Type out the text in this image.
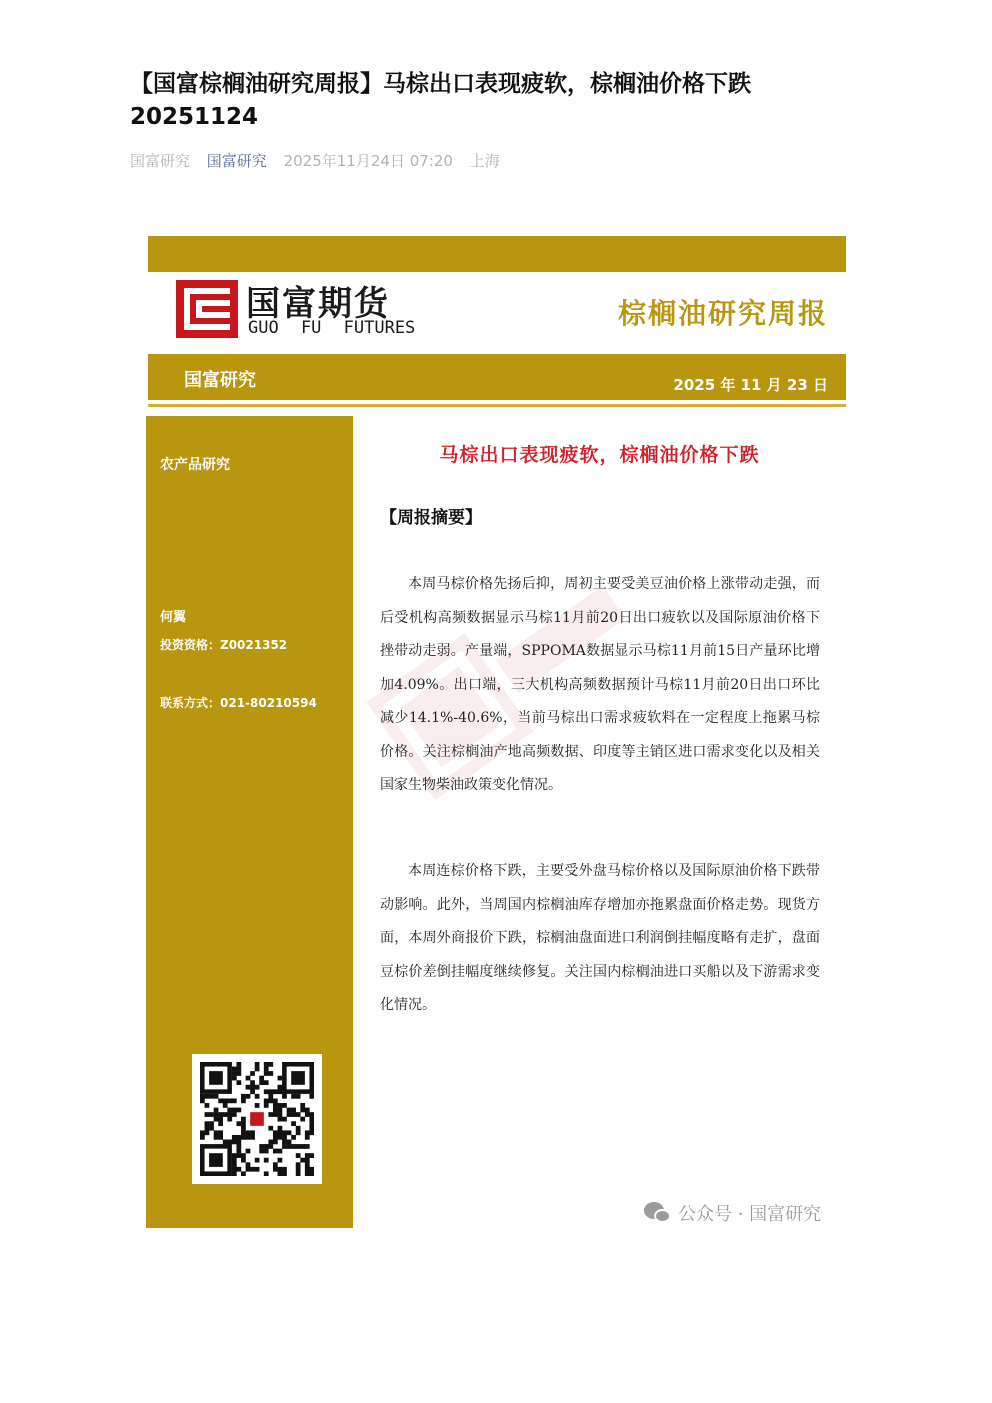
【国富棕榈油研究周报】马棕出口表现疲软，棕榈油价格下跌20251124
国富研究 国富研究 2025年11月24日 07:20 上海
国富期货
GUO FU FUTURES	棕榈油研究周报
国富研究	2025 年 11 月 23 日
农产品研究
何翼
投资资格：Z0021352
联系方式：021-80210594
马棕出口表现疲软，棕榈油价格下跌
【周报摘要】
本周马棕价格先扬后抑，周初主要受美豆油价格上涨带动走强，而后受机构高频数据显示马棕11月前20日出口疲软以及国际原油价格下挫带动走弱。产量端，SPPOMA数据显示马棕11月前15日产量环比增加4.09%。出口端，三大机构高频数据预计马棕11月前20日出口环比减少14.1%-40.6%，当前马棕出口需求疲软料在一定程度上拖累马棕价格。关注棕榈油产地高频数据、印度等主销区进口需求变化以及相关国家生物柴油政策变化情况。
本周连棕价格下跌，主要受外盘马棕价格以及国际原油价格下跌带动影响。此外，当周国内棕榈油库存增加亦拖累盘面价格走势。现货方面，本周外商报价下跌，棕榈油盘面进口利润倒挂幅度略有走扩，盘面豆棕价差倒挂幅度继续修复。关注国内棕榈油进口买船以及下游需求变化情况。
公众号 · 国富研究
